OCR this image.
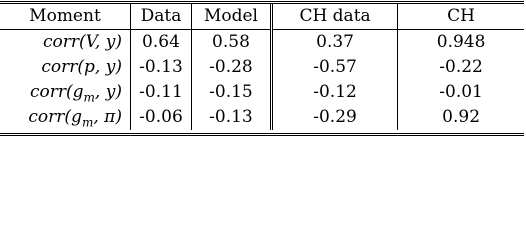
Moment	Data	Model	CH data	CH
corr(V, y)	0.64	0.58	0.37	0.948
corr(p, y)	-0.13	-0.28	-0.57	-0.22
$corr(g_m$, y)	-0.11	-0.15	-0.12	-0.01
$corr(g_m$, π)	-0.06	-0.13	-0.29	0.92
